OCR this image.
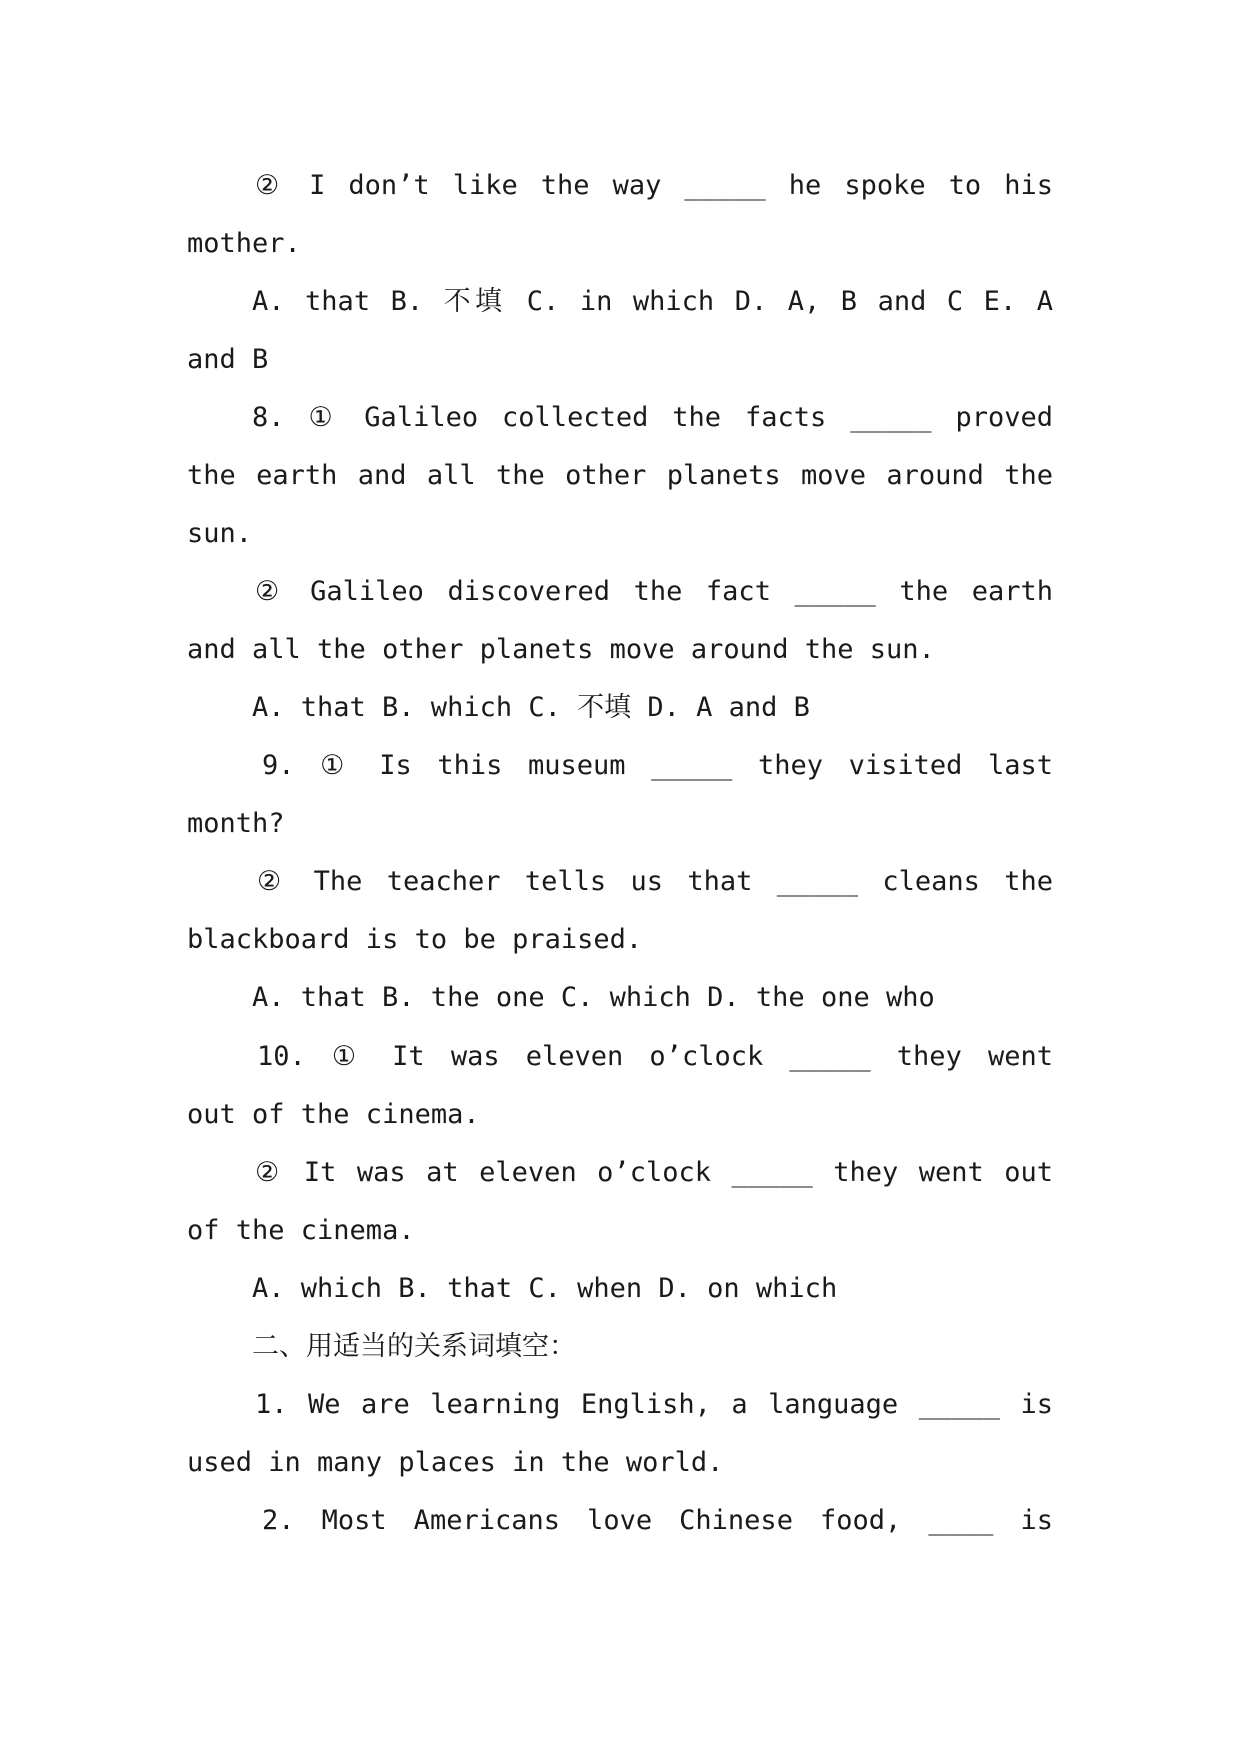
② I don’t like the way _____ he spoke to his
mother.
A. that B. 不填 C. in which D. A, B and C E. A
and B
8. ① Galileo collected the facts _____ proved
the earth and all the other planets move around the
sun.
② Galileo discovered the fact _____ the earth
and all the other planets move around the sun.
A. that B. which C. 不填 D. A and B
9. ① Is this museum _____ they visited last
month?
② The teacher tells us that _____ cleans the
blackboard is to be praised.
A. that B. the one C. which D. the one who
10. ① It was eleven o’clock _____ they went
out of the cinema.
② It was at eleven o’clock _____ they went out
of the cinema.
A. which B. that C. when D. on which
二、用适当的关系词填空：
1. We are learning English, a language _____ is
used in many places in the world.
2. Most Americans love Chinese food, ____ is
